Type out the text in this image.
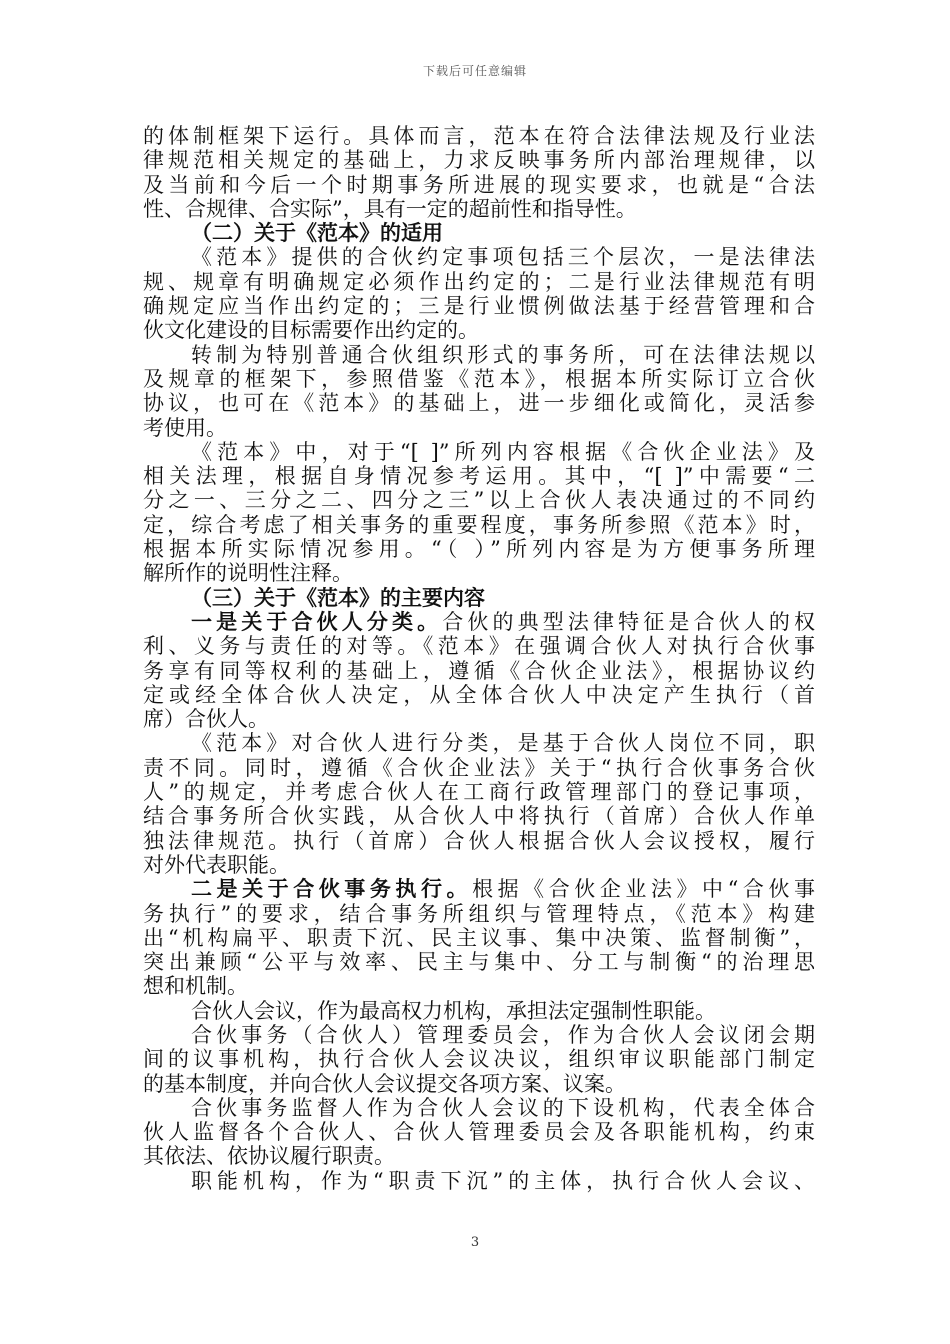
下载后可任意编辑
的体制框架下运行。具体而言，范本在符合法律法规及行业法
律规范相关规定的基础上，力求反映事务所内部治理规律，以
及当前和今后一个时期事务所进展的现实要求，也就是“合法
性、合规律、合实际”，具有一定的超前性和指导性。
（二）关于《范本》的适用
《范本》提供的合伙约定事项包括三个层次，一是法律法
规、规章有明确规定必须作出约定的；二是行业法律规范有明
确规定应当作出约定的；三是行业惯例做法基于经营管理和合
伙文化建设的目标需要作出约定的。
转制为特别普通合伙组织形式的事务所，可在法律法规以
及规章的框架下，参照借鉴《范本》，根据本所实际订立合伙
协议，也可在《范本》的基础上，进一步细化或简化，灵活参
考使用。
《范本》中，对于“[ ]”所列内容根据《合伙企业法》及
相关法理，根据自身情况参考运用。其中，“[ ]”中需要“二
分之一、三分之二、四分之三”以上合伙人表决通过的不同约
定，综合考虑了相关事务的重要程度，事务所参照《范本》时，
根据本所实际情况参用。“（ ）”所列内容是为方便事务所理
解所作的说明性注释。
（三）关于《范本》的主要内容
一是关于合伙人分类。合伙的典型法律特征是合伙人的权
利、义务与责任的对等。《范本》在强调合伙人对执行合伙事
务享有同等权利的基础上，遵循《合伙企业法》，根据协议约
定或经全体合伙人决定，从全体合伙人中决定产生执行（首
席）合伙人。
《范本》对合伙人进行分类，是基于合伙人岗位不同，职
责不同。同时，遵循《合伙企业法》关于“执行合伙事务合伙
人”的规定，并考虑合伙人在工商行政管理部门的登记事项，
结合事务所合伙实践，从合伙人中将执行（首席）合伙人作单
独法律规范。执行（首席）合伙人根据合伙人会议授权，履行
对外代表职能。
二是关于合伙事务执行。根据《合伙企业法》中“合伙事
务执行”的要求，结合事务所组织与管理特点，《范本》构建
出“机构扁平、职责下沉、民主议事、集中决策、监督制衡”，
突出兼顾“公平与效率、民主与集中、分工与制衡“的治理思
想和机制。
合伙人会议，作为最高权力机构，承担法定强制性职能。
合伙事务（合伙人）管理委员会，作为合伙人会议闭会期
间的议事机构，执行合伙人会议决议，组织审议职能部门制定
的基本制度，并向合伙人会议提交各项方案、议案。
合伙事务监督人作为合伙人会议的下设机构，代表全体合
伙人监督各个合伙人、合伙人管理委员会及各职能机构，约束
其依法、依协议履行职责。
职能机构，作为“职责下沉”的主体，执行合伙人会议、
3
